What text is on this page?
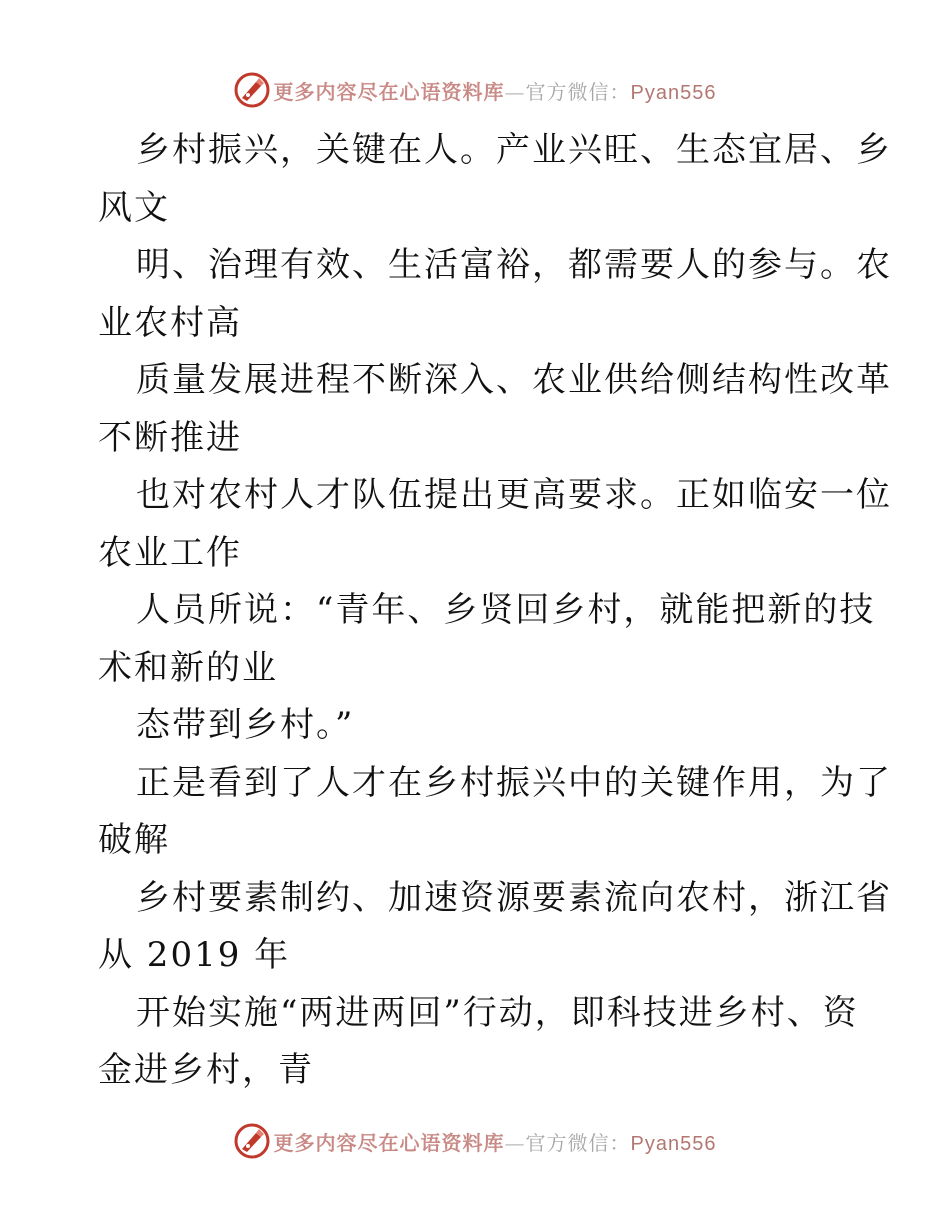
更多内容尽在心语资料库—官方微信：Pyan556
乡村振兴，关键在人。产业兴旺、生态宜居、乡
风文
明、治理有效、生活富裕，都需要人的参与。农
业农村高
质量发展进程不断深入、农业供给侧结构性改革
不断推进
也对农村人才队伍提出更高要求。正如临安一位
农业工作
人员所说：“青年、乡贤回乡村，就能把新的技
术和新的业
态带到乡村。”
正是看到了人才在乡村振兴中的关键作用，为了
破解
乡村要素制约、加速资源要素流向农村，浙江省
从 2019 年
开始实施“两进两回”行动，即科技进乡村、资
金进乡村，青
更多内容尽在心语资料库—官方微信：Pyan556
